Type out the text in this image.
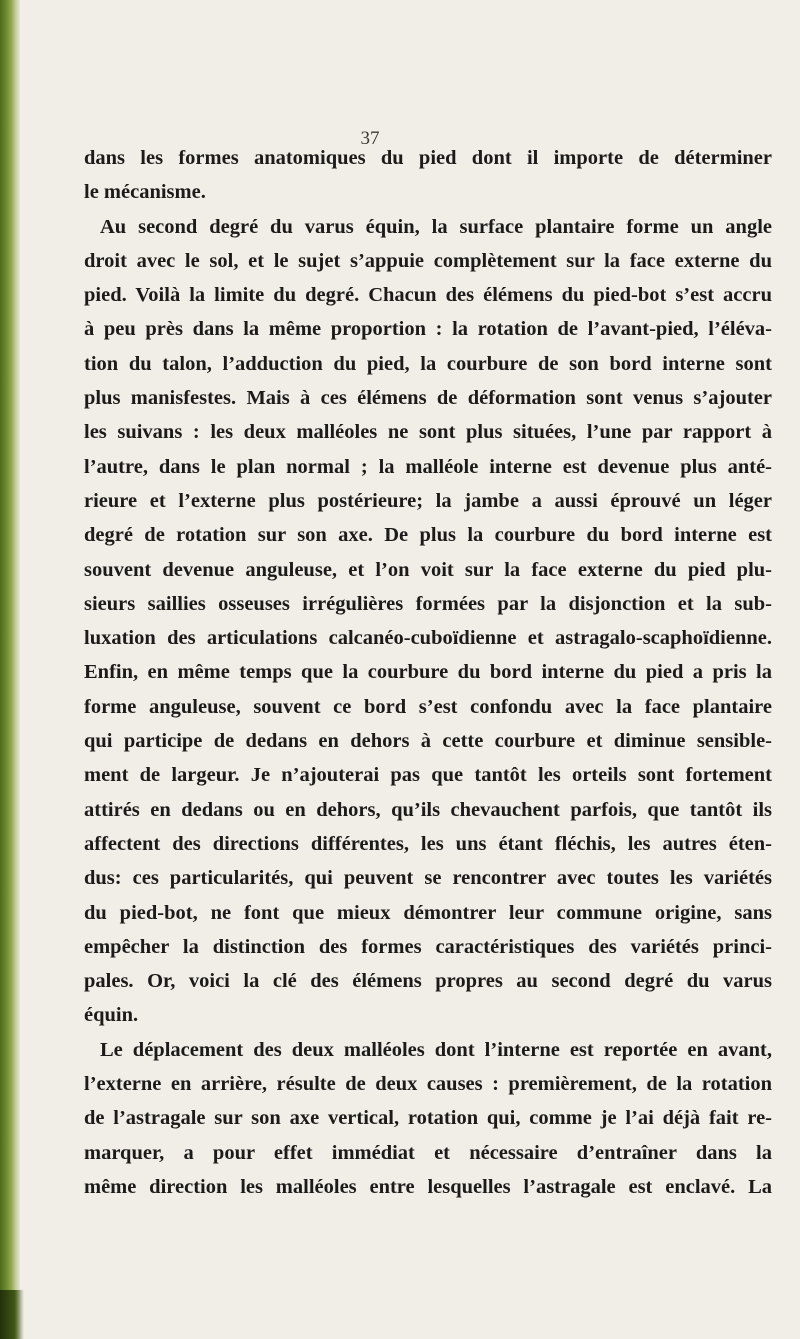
37
dans les formes anatomiques du pied dont il importe de déterminer
le mécanisme.
Au second degré du varus équin, la surface plantaire forme un angle
droit avec le sol, et le sujet s’appuie complètement sur la face externe du
pied. Voilà la limite du degré. Chacun des élémens du pied-bot s’est accru
à peu près dans la même proportion : la rotation de l’avant-pied, l’éléva-
tion du talon, l’adduction du pied, la courbure de son bord interne sont
plus manisfestes. Mais à ces élémens de déformation sont venus s’ajouter
les suivans : les deux malléoles ne sont plus situées, l’une par rapport à
l’autre, dans le plan normal ; la malléole interne est devenue plus anté-
rieure et l’externe plus postérieure; la jambe a aussi éprouvé un léger
degré de rotation sur son axe. De plus la courbure du bord interne est
souvent devenue anguleuse, et l’on voit sur la face externe du pied plu-
sieurs saillies osseuses irrégulières formées par la disjonction et la sub-
luxation des articulations calcanéo-cuboïdienne et astragalo-scaphoïdienne.
Enfin, en même temps que la courbure du bord interne du pied a pris la
forme anguleuse, souvent ce bord s’est confondu avec la face plantaire
qui participe de dedans en dehors à cette courbure et diminue sensible-
ment de largeur. Je n’ajouterai pas que tantôt les orteils sont fortement
attirés en dedans ou en dehors, qu’ils chevauchent parfois, que tantôt ils
affectent des directions différentes, les uns étant fléchis, les autres éten-
dus: ces particularités, qui peuvent se rencontrer avec toutes les variétés
du pied-bot, ne font que mieux démontrer leur commune origine, sans
empêcher la distinction des formes caractéristiques des variétés princi-
pales. Or, voici la clé des élémens propres au second degré du varus
équin.
Le déplacement des deux malléoles dont l’interne est reportée en avant,
l’externe en arrière, résulte de deux causes : premièrement, de la rotation
de l’astragale sur son axe vertical, rotation qui, comme je l’ai déjà fait re-
marquer, a pour effet immédiat et nécessaire d’entraîner dans la
même direction les malléoles entre lesquelles l’astragale est enclavé. La
